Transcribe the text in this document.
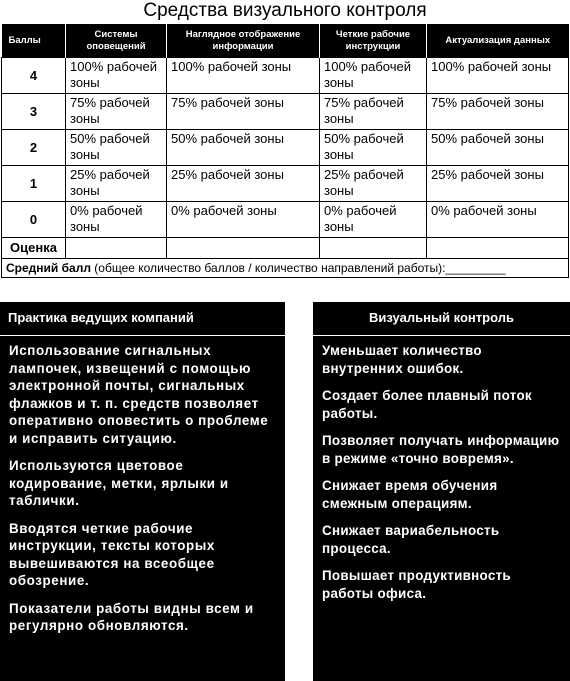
Средства визуального контроля
Баллы	Системы оповещений	Наглядное отображение информации	Четкие рабочие инструкции	Актуализация данных
4	100% рабочей зоны	100% рабочей зоны	100% рабочей зоны	100% рабочей зоны
3	75% рабочей зоны	75% рабочей зоны	75% рабочей зоны	75% рабочей зоны
2	50% рабочей зоны	50% рабочей зоны	50% рабочей зоны	50% рабочей зоны
1	25% рабочей зоны	25% рабочей зоны	25% рабочей зоны	25% рабочей зоны
0	0% рабочей зоны	0% рабочей зоны	0% рабочей зоны	0% рабочей зоны
Оценка				
Средний балл (общее количество баллов / количество направлений работы):_________				
Практика ведущих компаний

Использование сигнальных лампочек, извещений с помощью электронной почты, сигнальных флажков и т. п. средств позволяет оперативно оповестить о проблеме и исправить ситуацию.

Используются цветовое кодирование, метки, ярлыки и таблички.

Вводятся четкие рабочие инструкции, тексты которых вывешиваются на всеобщее обозрение.

Показатели работы видны всем и регулярно обновляются.

Визуальный контроль

Уменьшает количество внутренних ошибок.

Создает более плавный поток работы.

Позволяет получать информацию в режиме «точно вовремя».

Снижает время обучения смежным операциям.

Снижает вариабельность процесса.

Повышает продуктивность работы офиса.
